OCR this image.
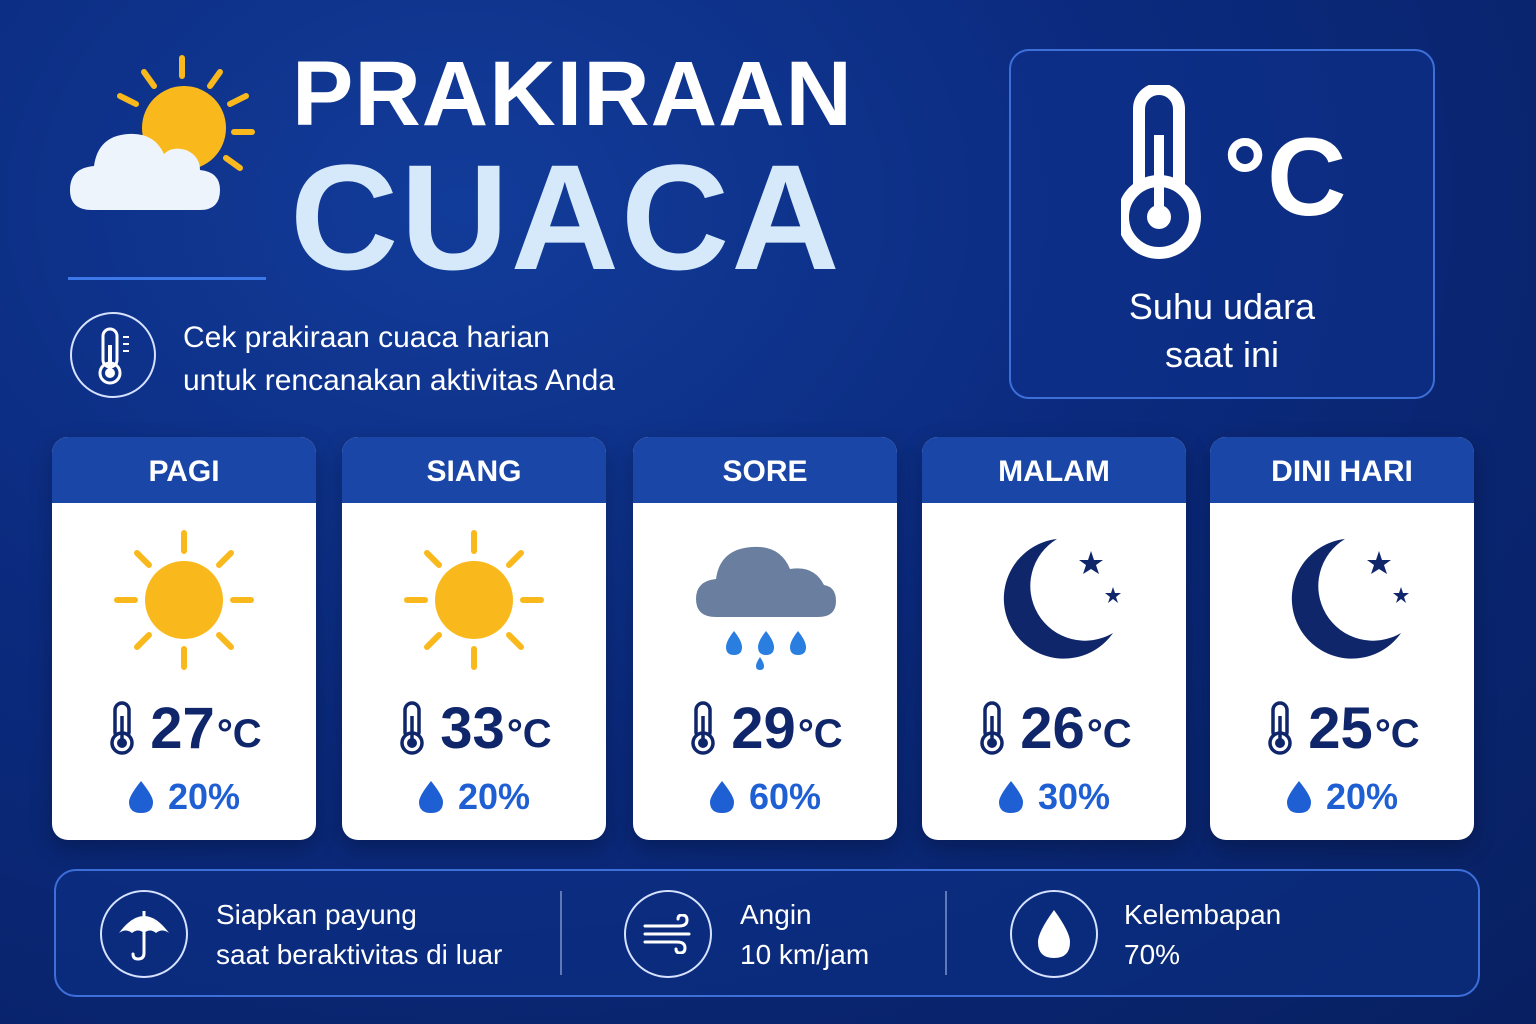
PRAKIRAAN
CUACA
Cek prakiraan cuaca harian
untuk rencanakan aktivitas Anda
°C
Suhu udara
saat ini
PAGI
27 °C
20%
SIANG
33 °C
20%
SORE
29 °C
60%
MALAM
26 °C
30%
DINI HARI
25 °C
20%
Siapkan payung
saat beraktivitas di luar
Angin
10 km/jam
Kelembapan
70%
